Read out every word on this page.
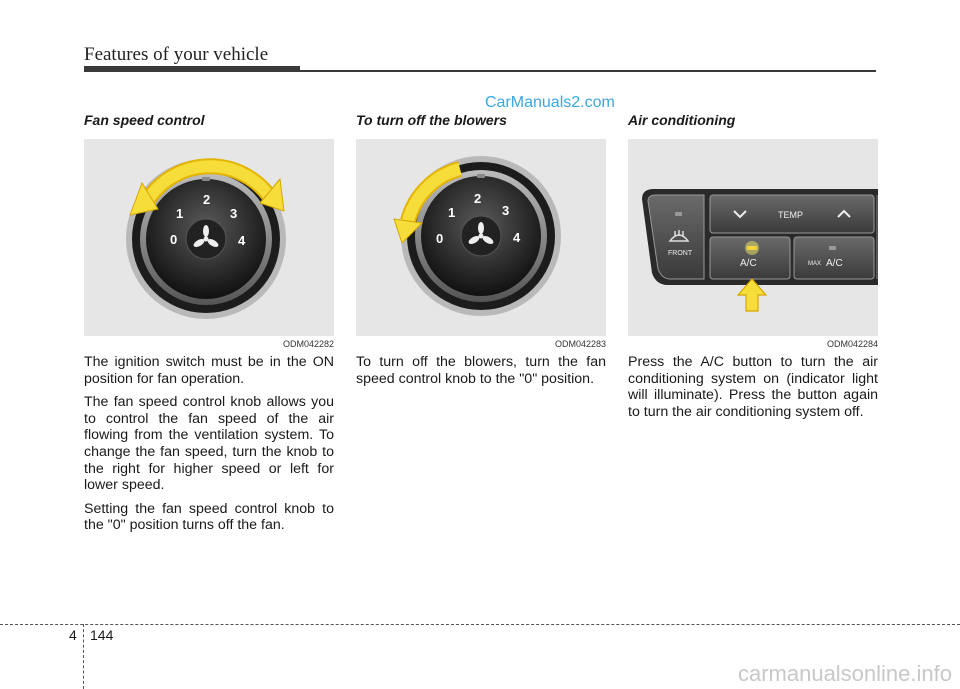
Features of your vehicle
CarManuals2.com
Fan speed control
0
1
2
3
4
ODM042282

The ignition switch must be in the ON position for fan operation.

The fan speed control knob allows you to control the fan speed of the air flowing from the ventilation system. To change the fan speed, turn the knob to the right for higher speed or left for lower speed.

Setting the fan speed control knob to the "0" position turns off the fan.

To turn off the blowers
0
1
2
3
4
ODM042283

To turn off the blowers, turn the fan speed control knob to the "0" position.

Air conditioning
FRONT
TEMP
A/C	MAX A/C
ODM042284

Press the A/C button to turn the air conditioning system on (indicator light will illuminate). Press the button again to turn the air conditioning system off.

4 144
carmanualsonline.info
